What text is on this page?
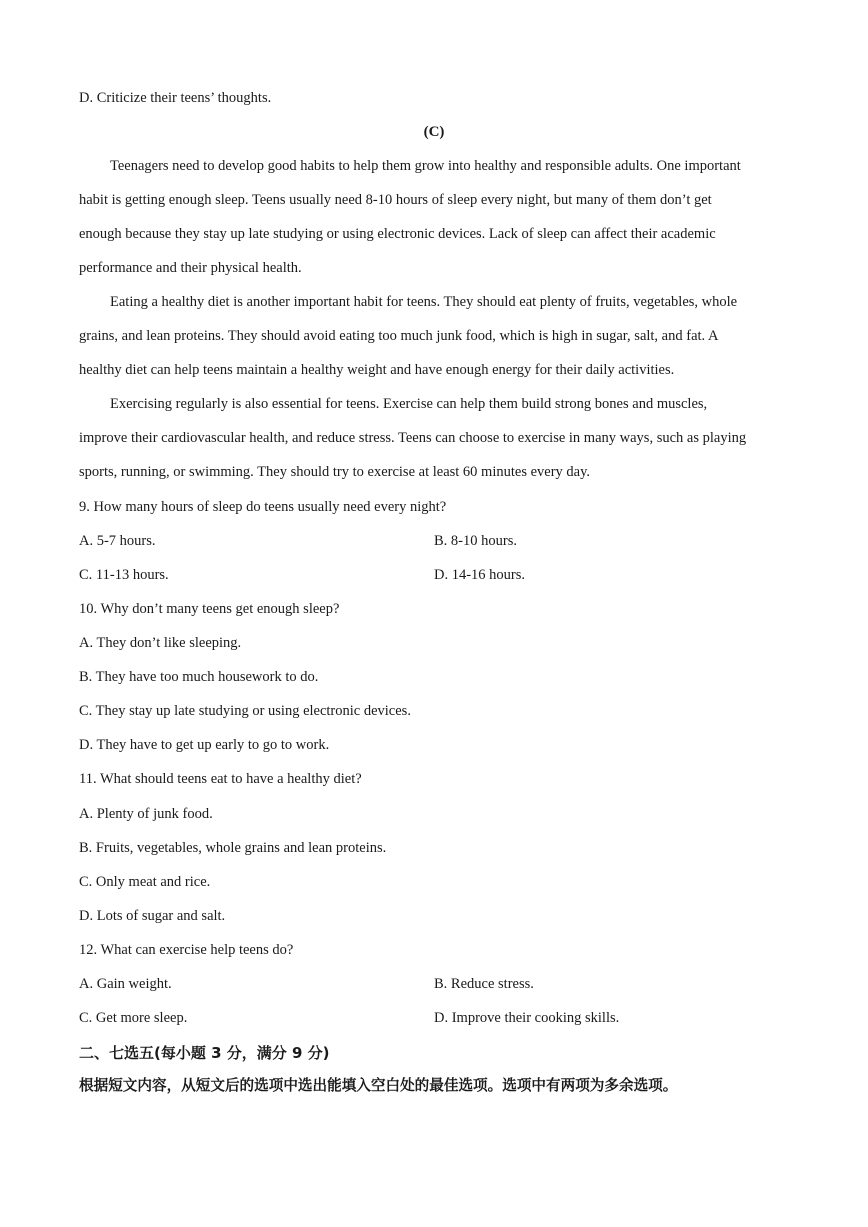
D. Criticize their teens’ thoughts.
(C)
Teenagers need to develop good habits to help them grow into healthy and responsible adults. One important
habit is getting enough sleep. Teens usually need 8-10 hours of sleep every night, but many of them don’t get
enough because they stay up late studying or using electronic devices. Lack of sleep can affect their academic
performance and their physical health.
Eating a healthy diet is another important habit for teens. They should eat plenty of fruits, vegetables, whole
grains, and lean proteins. They should avoid eating too much junk food, which is high in sugar, salt, and fat. A
healthy diet can help teens maintain a healthy weight and have enough energy for their daily activities.
Exercising regularly is also essential for teens. Exercise can help them build strong bones and muscles,
improve their cardiovascular health, and reduce stress. Teens can choose to exercise in many ways, such as playing
sports, running, or swimming. They should try to exercise at least 60 minutes every day.
9. How many hours of sleep do teens usually need every night?
A. 5-7 hours.	B. 8-10 hours.
C. 11-13 hours.	D. 14-16 hours.
10. Why don’t many teens get enough sleep?
A. They don’t like sleeping.
B. They have too much housework to do.
C. They stay up late studying or using electronic devices.
D. They have to get up early to go to work.
11. What should teens eat to have a healthy diet?
A. Plenty of junk food.
B. Fruits, vegetables, whole grains and lean proteins.
C. Only meat and rice.
D. Lots of sugar and salt.
12. What can exercise help teens do?
A. Gain weight.	B. Reduce stress.
C. Get more sleep.	D. Improve their cooking skills.
二、七选五(每小题 3 分，满分 9 分)
根据短文内容，从短文后的选项中选出能填入空白处的最佳选项。选项中有两项为多余选项。
